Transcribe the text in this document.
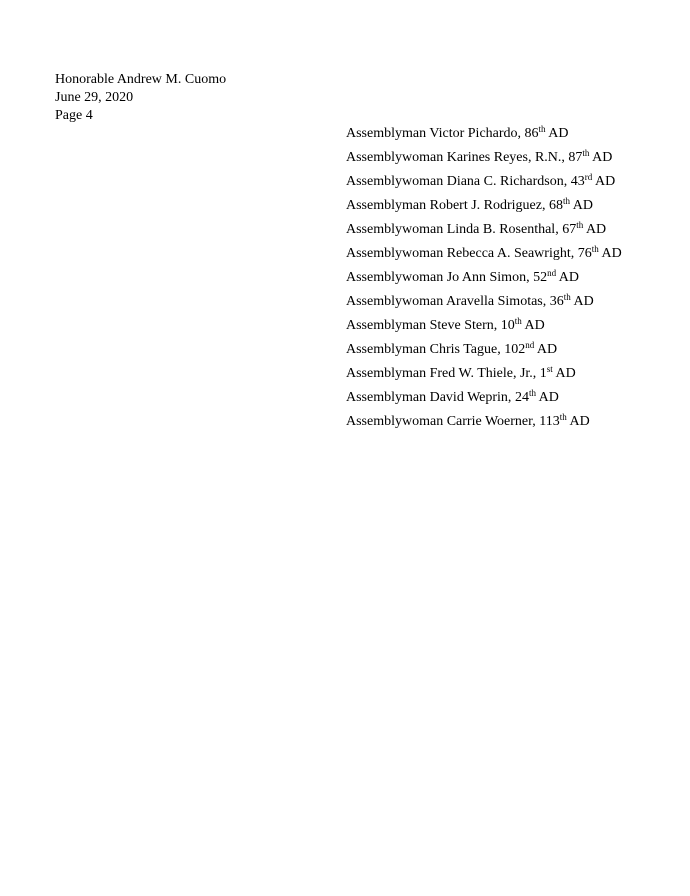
Honorable Andrew M. Cuomo
June 29, 2020
Page 4
Assemblyman Victor Pichardo, 86th AD
Assemblywoman Karines Reyes, R.N., 87th AD
Assemblywoman Diana C. Richardson, 43rd AD
Assemblyman Robert J. Rodriguez, 68th AD
Assemblywoman Linda B. Rosenthal, 67th AD
Assemblywoman Rebecca A. Seawright, 76th AD
Assemblywoman Jo Ann Simon, 52nd AD
Assemblywoman Aravella Simotas, 36th AD
Assemblyman Steve Stern, 10th AD
Assemblyman Chris Tague, 102nd AD
Assemblyman Fred W. Thiele, Jr., 1st AD
Assemblyman David Weprin, 24th AD
Assemblywoman Carrie Woerner, 113th AD
